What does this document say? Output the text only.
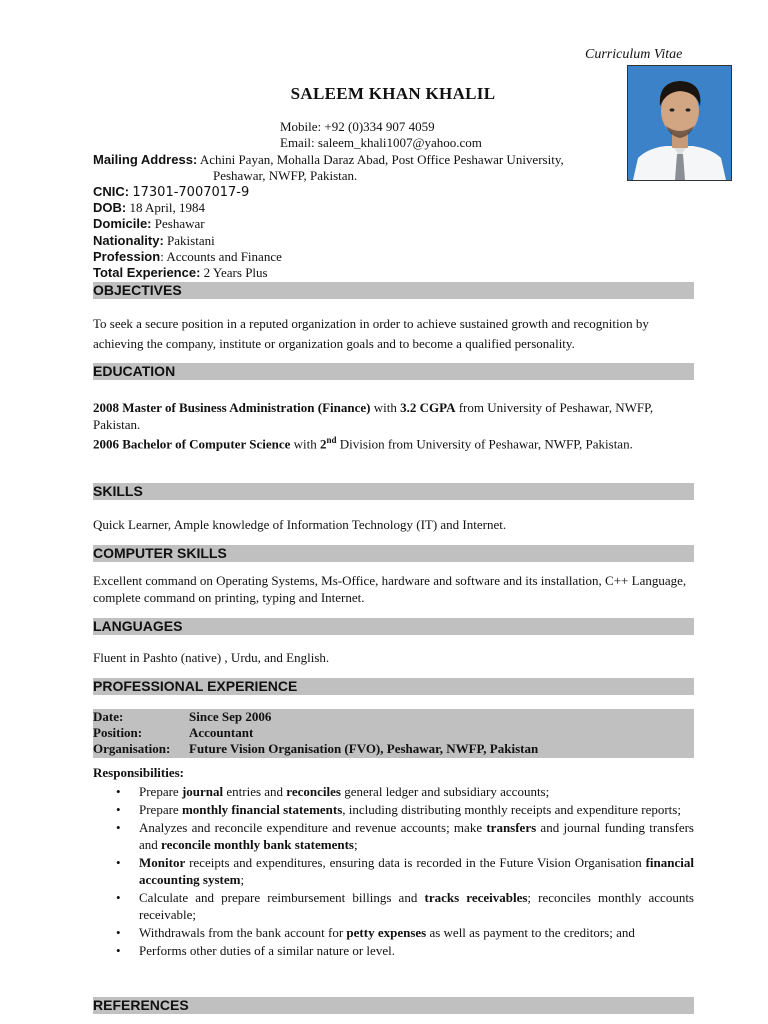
Curriculum Vitae
SALEEM KHAN KHALIL
Mobile: +92 (0)334 907 4059
Email: saleem_khali1007@yahoo.com
Mailing Address: Achini Payan, Mohalla Daraz Abad, Post Office Peshawar University,
Peshawar, NWFP, Pakistan.
CNIC: 17301-7007017-9
DOB: 18 April, 1984
Domicile: Peshawar
Nationality: Pakistani
Profession: Accounts and Finance
Total Experience: 2 Years Plus
OBJECTIVES
To seek a secure position in a reputed organization in order to achieve sustained growth and recognition by achieving the company, institute or organization goals and to become a qualified personality.
EDUCATION
2008 Master of Business Administration (Finance) with 3.2 CGPA from University of Peshawar, NWFP, Pakistan.
2006 Bachelor of Computer Science with 2nd Division from University of Peshawar, NWFP, Pakistan.
SKILLS
Quick Learner, Ample knowledge of Information Technology (IT) and Internet.
COMPUTER SKILLS
Excellent command on Operating Systems, Ms-Office, hardware and software and its installation, C++ Language, complete command on printing, typing and Internet.
LANGUAGES
Fluent in Pashto (native) , Urdu, and English.
PROFESSIONAL EXPERIENCE
Date:	Since Sep 2006
Position:	Accountant
Organisation: Future Vision Organisation (FVO), Peshawar, NWFP, Pakistan
Responsibilities:
• Prepare journal entries and reconciles general ledger and subsidiary accounts;
• Prepare monthly financial statements, including distributing monthly receipts and expenditure reports;
• Analyzes and reconcile expenditure and revenue accounts; make transfers and journal funding transfers and reconcile monthly bank statements;
• Monitor receipts and expenditures, ensuring data is recorded in the Future Vision Organisation financial accounting system;
• Calculate and prepare reimbursement billings and tracks receivables; reconciles monthly accounts receivable;
• Withdrawals from the bank account for petty expenses as well as payment to the creditors; and
• Performs other duties of a similar nature or level.
REFERENCES
